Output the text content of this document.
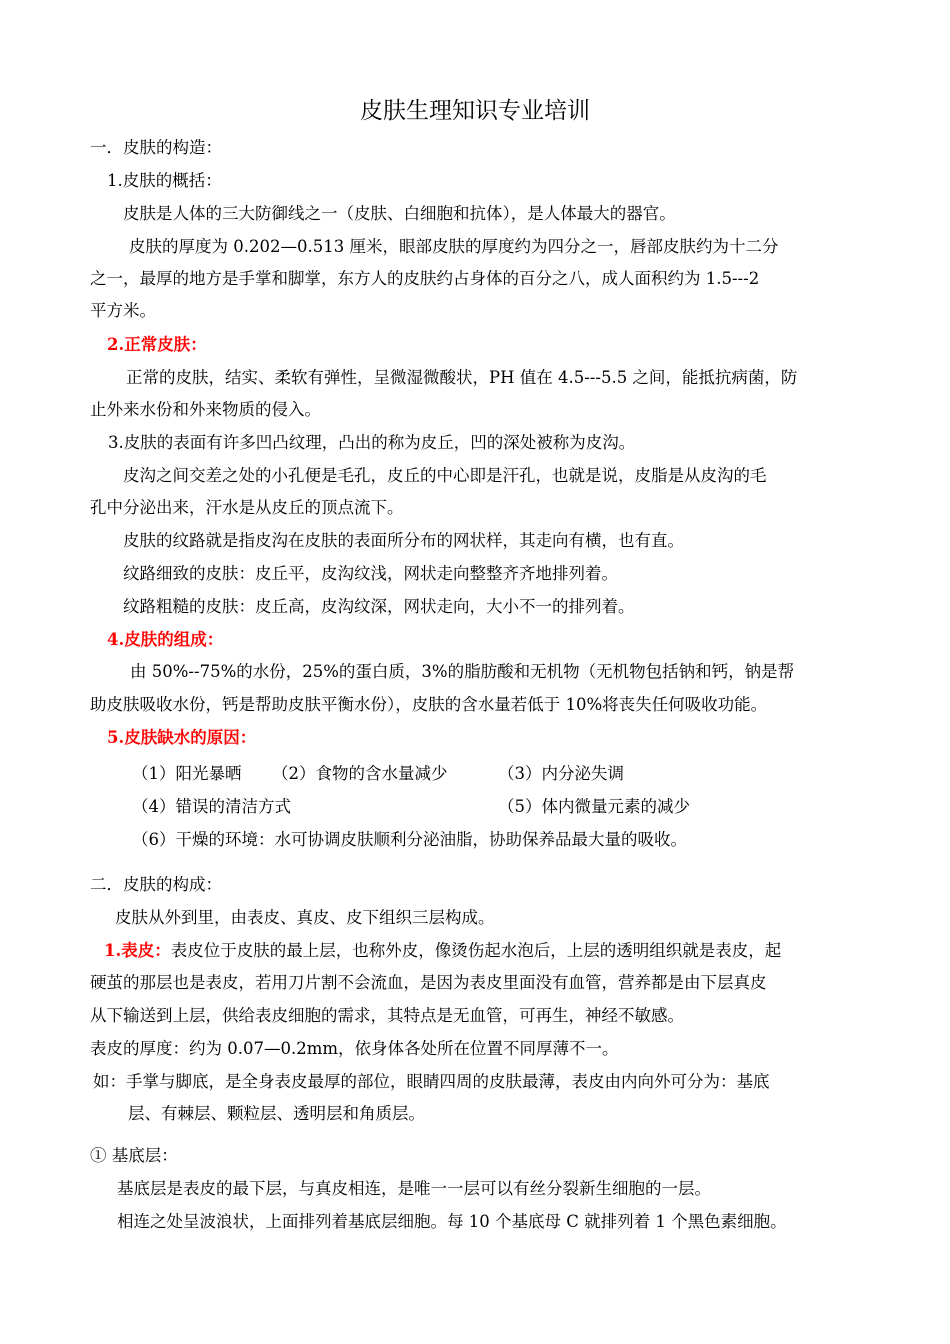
皮肤生理知识专业培训
一．皮肤的构造：
1.皮肤的概括：
皮肤是人体的三大防御线之一（皮肤、白细胞和抗体），是人体最大的器官。
皮肤的厚度为 0.202—0.513 厘米，眼部皮肤的厚度约为四分之一，唇部皮肤约为十二分
之一，最厚的地方是手掌和脚掌，东方人的皮肤约占身体的百分之八，成人面积约为 1.5---2
平方米。
2.正常皮肤：
正常的皮肤，结实、柔软有弹性，呈微湿微酸状，PH 值在 4.5---5.5 之间，能抵抗病菌，防
止外来水份和外来物质的侵入。
3.皮肤的表面有许多凹凸纹理，凸出的称为皮丘，凹的深处被称为皮沟。
皮沟之间交差之处的小孔便是毛孔，皮丘的中心即是汗孔，也就是说，皮脂是从皮沟的毛
孔中分泌出来，汗水是从皮丘的顶点流下。
皮肤的纹路就是指皮沟在皮肤的表面所分布的网状样，其走向有横，也有直。
纹路细致的皮肤：皮丘平，皮沟纹浅，网状走向整整齐齐地排列着。
纹路粗糙的皮肤：皮丘高，皮沟纹深，网状走向，大小不一的排列着。
4.皮肤的组成：
由 50%--75%的水份，25%的蛋白质，3%的脂肪酸和无机物（无机物包括钠和钙，钠是帮
助皮肤吸收水份，钙是帮助皮肤平衡水份），皮肤的含水量若低于 10%将丧失任何吸收功能。
5.皮肤缺水的原因：
（1）阳光暴晒 （2）食物的含水量减少	（3）内分泌失调
（4）错误的清洁方式	（5）体内微量元素的减少
（6）干燥的环境：水可协调皮肤顺利分泌油脂，协助保养品最大量的吸收。
二．皮肤的构成：
皮肤从外到里，由表皮、真皮、皮下组织三层构成。
1.表皮：表皮位于皮肤的最上层，也称外皮，像烫伤起水泡后，上层的透明组织就是表皮，起
硬茧的那层也是表皮，若用刀片割不会流血，是因为表皮里面没有血管，营养都是由下层真皮
从下输送到上层，供给表皮细胞的需求，其特点是无血管，可再生，神经不敏感。
表皮的厚度：约为 0.07—0.2mm，依身体各处所在位置不同厚薄不一。
如：手掌与脚底，是全身表皮最厚的部位，眼睛四周的皮肤最薄，表皮由内向外可分为：基底
层、有棘层、颗粒层、透明层和角质层。
① 基底层：
基底层是表皮的最下层，与真皮相连，是唯一一层可以有丝分裂新生细胞的一层。
相连之处呈波浪状，上面排列着基底层细胞。每 10 个基底母 C 就排列着 1 个黑色素细胞。
